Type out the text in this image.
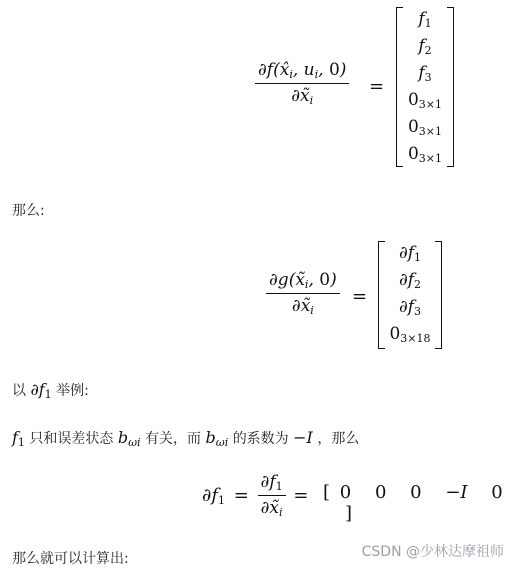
$\frac{\partial f(x̂i, ui, 0)}{\partial x̃i}$ =
$f_1$
$f_2$
$f_3$
$0_{3\times 1}$
$0_{3\times 1}$
$0_{3\times 1}$
那么:
$\frac{\partial g(x̃i, 0)}{\partial x̃i}$ =
$\partial f_1$
$\partial f_2$
$\partial f_3$
$0_{3\times 18}$
以 $\partial f_1$ 举例:
$f_1$ 只和误差状态 bωi 有关，而 bωi 的系数为 −I ，那么
$\partial f_1 = \frac{\partial f_1}{\partial x̃i}$ = [ 0 0 0 −I 0 ]
那么就可以计算出:	CSDN @少林达摩祖师
